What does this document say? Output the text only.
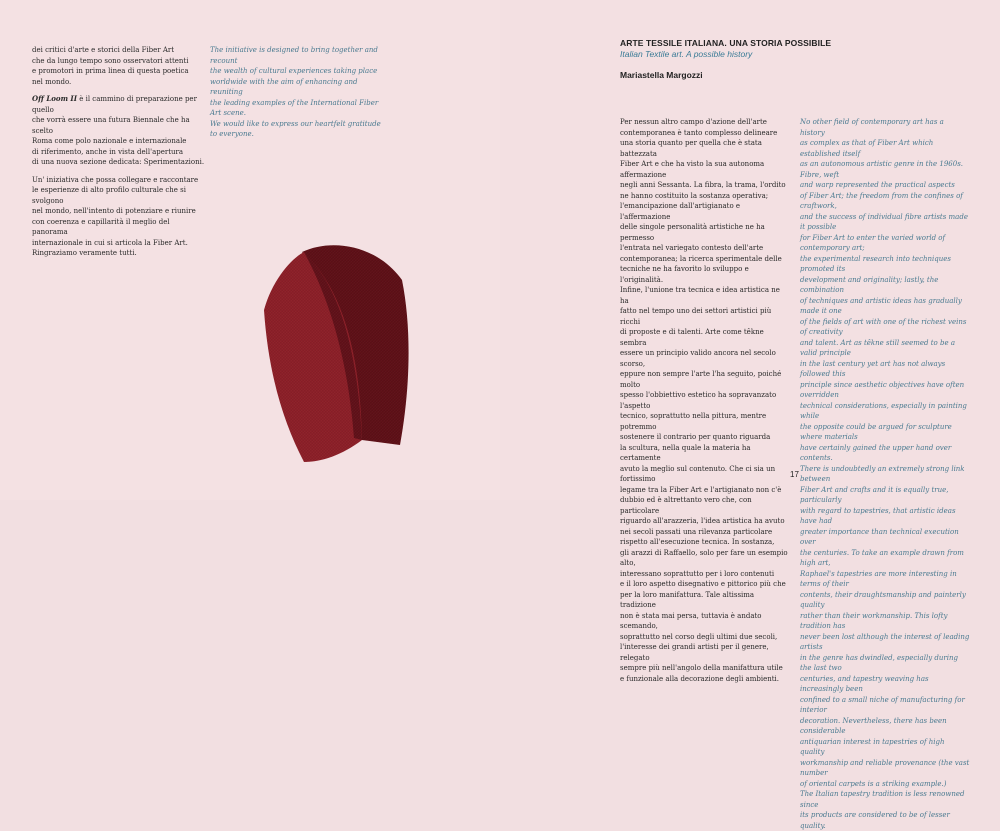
dei critici d'arte e storici della Fiber Art
che da lungo tempo sono osservatori attenti
e promotori in prima linea di questa poetica
nel mondo.

Off Loom II è il cammino di preparazione per quello
che vorrà essere una futura Biennale che ha scelto
Roma come polo nazionale e internazionale
di riferimento, anche in vista dell'apertura
di una nuova sezione dedicata: Sperimentazioni.

Un' iniziativa che possa collegare e raccontare
le esperienze di alto profilo culturale che si svolgono
nel mondo, nell'intento di potenziare e riunire
con coerenza e capillarità il meglio del panorama
internazionale in cui si articola la Fiber Art.
Ringraziamo veramente tutti.

The initiative is designed to bring together and recount
the wealth of cultural experiences taking place
worldwide with the aim of enhancing and reuniting
the leading examples of the International Fiber Art scene.
We would like to express our heartfelt gratitude
to everyone.

ARTE TESSILE ITALIANA. UNA STORIA POSSIBILE

Italian Textile art. A possible history

Mariastella Margozzi

Per nessun altro campo d'azione dell'arte
contemporanea è tanto complesso delineare
una storia quanto per quella che è stata battezzata
Fiber Art e che ha visto la sua autonoma affermazione
negli anni Sessanta. La fibra, la trama, l'ordito
ne hanno costituito la sostanza operativa;
l'emancipazione dall'artigianato e l'affermazione
delle singole personalità artistiche ne ha permesso
l'entrata nel variegato contesto dell'arte
contemporanea; la ricerca sperimentale delle
tecniche ne ha favorito lo sviluppo e l'originalità.
Infine, l'unione tra tecnica e idea artistica ne ha
fatto nel tempo uno dei settori artistici più ricchi
di proposte e di talenti. Arte come têkne sembra
essere un principio valido ancora nel secolo scorso,
eppure non sempre l'arte l'ha seguito, poiché molto
spesso l'obbiettivo estetico ha sopravanzato l'aspetto
tecnico, soprattutto nella pittura, mentre potremmo
sostenere il contrario per quanto riguarda
la scultura, nella quale la materia ha certamente
avuto la meglio sul contenuto. Che ci sia un fortissimo
legame tra la Fiber Art e l'artigianato non c'è
dubbio ed è altrettanto vero che, con particolare
riguardo all'arazzeria, l'idea artistica ha avuto
nei secoli passati una rilevanza particolare
rispetto all'esecuzione tecnica. In sostanza,
gli arazzi di Raffaello, solo per fare un esempio alto,
interessano soprattutto per i loro contenuti
e il loro aspetto disegnativo e pittorico più che
per la loro manifattura. Tale altissima tradizione
non è stata mai persa, tuttavia è andato scemando,
soprattutto nel corso degli ultimi due secoli,
l'interesse dei grandi artisti per il genere, relegato
sempre più nell'angolo della manifattura utile
e funzionale alla decorazione degli ambienti.
No other field of contemporary art has a history
as complex as that of Fiber Art which established itself
as an autonomous artistic genre in the 1960s. Fibre, weft
and warp represented the practical aspects
of Fiber Art; the freedom from the confines of craftwork,
and the success of individual fibre artists made it possible
for Fiber Art to enter the varied world of contemporary art;
the experimental research into techniques promoted its
development and originality; lastly, the combination
of techniques and artistic ideas has gradually made it one
of the fields of art with one of the richest veins of creativity
and talent. Art as têkne still seemed to be a valid principle
in the last century yet art has not always followed this
principle since aesthetic objectives have often overridden
technical considerations, especially in painting while
the opposite could be argued for sculpture where materials
have certainly gained the upper hand over contents.
There is undoubtedly an extremely strong link between
Fiber Art and crafts and it is equally true, particularly
with regard to tapestries, that artistic ideas have had
greater importance than technical execution over
the centuries. To take an example drawn from high art,
Raphael's tapestries are more interesting in terms of their
contents, their draughtsmanship and painterly quality
rather than their workmanship. This lofty tradition has
never been lost although the interest of leading artists
in the genre has dwindled, especially during the last two
centuries, and tapestry weaving has increasingly been
confined to a small niche of manufacturing for interior
decoration. Nevertheless, there has been considerable
antiquarian interest in tapestries of high quality
workmanship and reliable provenance (the vast number
of oriental carpets is a striking example.)
The Italian tapestry tradition is less renowned since
its products are considered to be of lesser quality.
17
